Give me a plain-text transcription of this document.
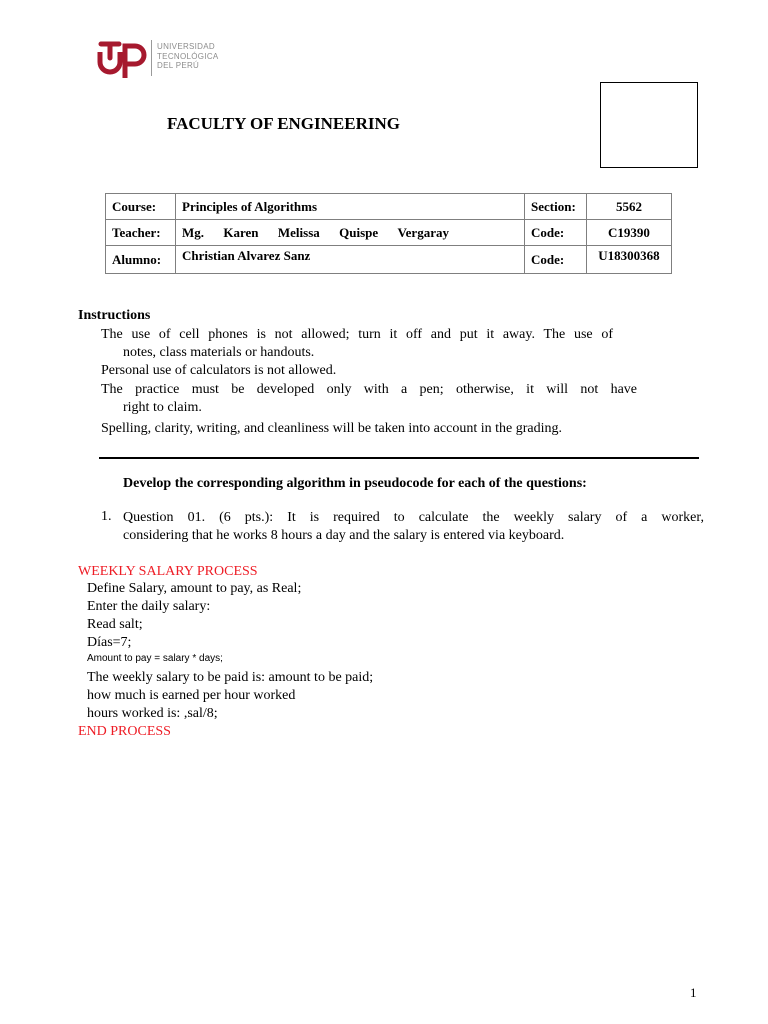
UNIVERSIDAD
TECNOLÓGICA
DEL PERÚ
FACULTY OF ENGINEERING
Course:	Principles of Algorithms	Section:	5562
Teacher:	Mg. Karen Melissa Quispe Vergaray	Code:	C19390
Alumno:	Christian Alvarez Sanz	Code:	U18300368
Instructions
The use of cell phones is not allowed; turn it off and put it away. The use of
notes, class materials or handouts.
Personal use of calculators is not allowed.
The practice must be developed only with a pen; otherwise, it will not have
right to claim.
Spelling, clarity, writing, and cleanliness will be taken into account in the grading.
Develop the corresponding algorithm in pseudocode for each of the questions:
1. Question 01. (6 pts.): It is required to calculate the weekly salary of a worker,
considering that he works 8 hours a day and the salary is entered via keyboard.
WEEKLY SALARY PROCESS
Define Salary, amount to pay, as Real;
Enter the daily salary:
Read salt;
Días=7;
Amount to pay = salary * days;
The weekly salary to be paid is: amount to be paid;
how much is earned per hour worked
hours worked is: ,sal/8;
END PROCESS
1
